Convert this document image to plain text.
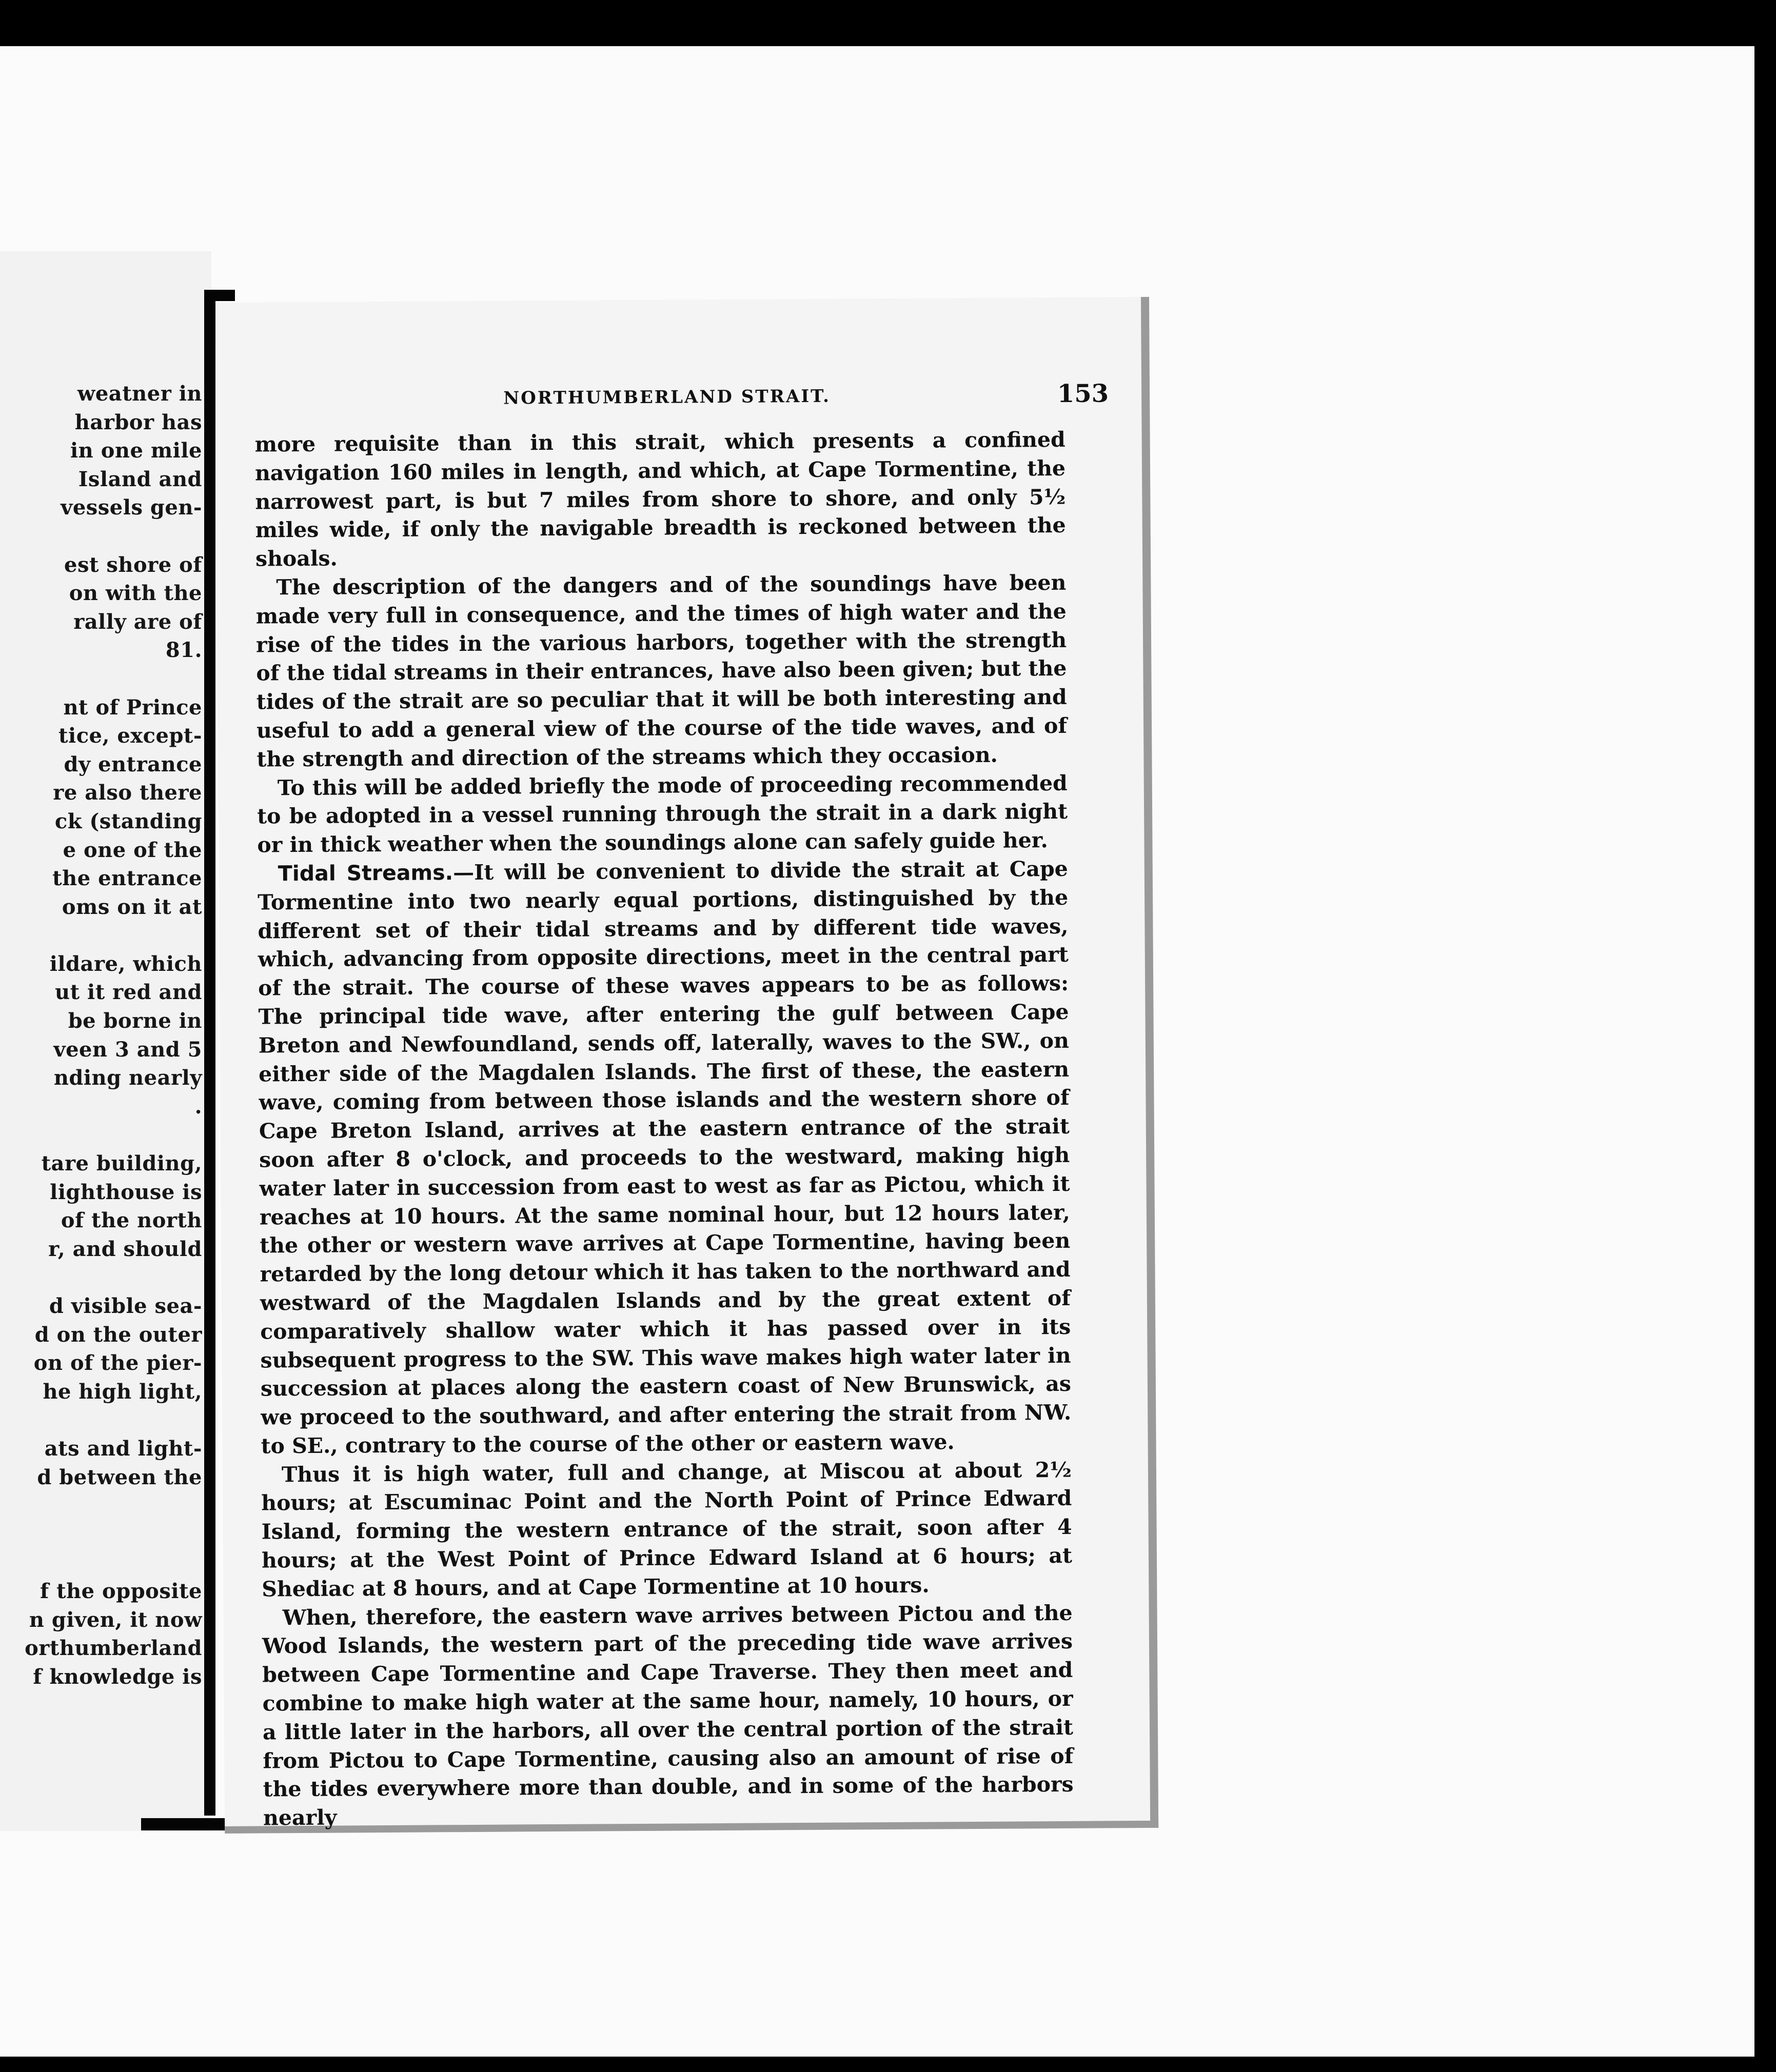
weatner in
harbor has
in one mile
Island and
vessels gen-
est shore of
on with the
rally are of
81.
nt of Prince
tice, except-
dy entrance
re also there
ck (standing
e one of the
the entrance
oms on it at
ildare, which
ut it red and
be borne in
veen 3 and 5
nding nearly
.
tare building,
lighthouse is
of the north
r, and should
d visible sea-
d on the outer
on of the pier-
he high light,
ats and light-
d between the
f the opposite
n given, it now
orthumberland
f knowledge is
NORTHUMBERLAND STRAIT.	153

more requisite than in this strait, which presents a confined navigation 160 miles in length, and which, at Cape Tormentine, the narrowest part, is but 7 miles from shore to shore, and only 5½ miles wide, if only the navigable breadth is reckoned between the shoals.

The description of the dangers and of the soundings have been made very full in consequence, and the times of high water and the rise of the tides in the various harbors, together with the strength of the tidal streams in their entrances, have also been given; but the tides of the strait are so peculiar that it will be both interesting and useful to add a general view of the course of the tide waves, and of the strength and direction of the streams which they occasion.

To this will be added briefly the mode of proceeding recommended to be adopted in a vessel running through the strait in a dark night or in thick weather when the soundings alone can safely guide her.

Tidal Streams.—It will be convenient to divide the strait at Cape Tormentine into two nearly equal portions, distinguished by the different set of their tidal streams and by different tide waves, which, advancing from opposite directions, meet in the central part of the strait. The course of these waves appears to be as follows: The principal tide wave, after entering the gulf between Cape Breton and Newfoundland, sends off, laterally, waves to the SW., on either side of the Magdalen Islands. The first of these, the eastern wave, coming from between those islands and the western shore of Cape Breton Island, arrives at the eastern entrance of the strait soon after 8 o'clock, and proceeds to the westward, making high water later in succession from east to west as far as Pictou, which it reaches at 10 hours. At the same nominal hour, but 12 hours later, the other or western wave arrives at Cape Tormentine, having been retarded by the long detour which it has taken to the northward and westward of the Magdalen Islands and by the great extent of comparatively shallow water which it has passed over in its subsequent progress to the SW. This wave makes high water later in succession at places along the eastern coast of New Brunswick, as we proceed to the southward, and after entering the strait from NW. to SE., contrary to the course of the other or eastern wave.

Thus it is high water, full and change, at Miscou at about 2½ hours; at Escuminac Point and the North Point of Prince Edward Island, forming the western entrance of the strait, soon after 4 hours; at the West Point of Prince Edward Island at 6 hours; at Shediac at 8 hours, and at Cape Tormentine at 10 hours.

When, therefore, the eastern wave arrives between Pictou and the Wood Islands, the western part of the preceding tide wave arrives between Cape Tormentine and Cape Traverse. They then meet and combine to make high water at the same hour, namely, 10 hours, or a little later in the harbors, all over the central portion of the strait from Pictou to Cape Tormentine, causing also an amount of rise of the tides everywhere more than double, and in some of the harbors nearly
